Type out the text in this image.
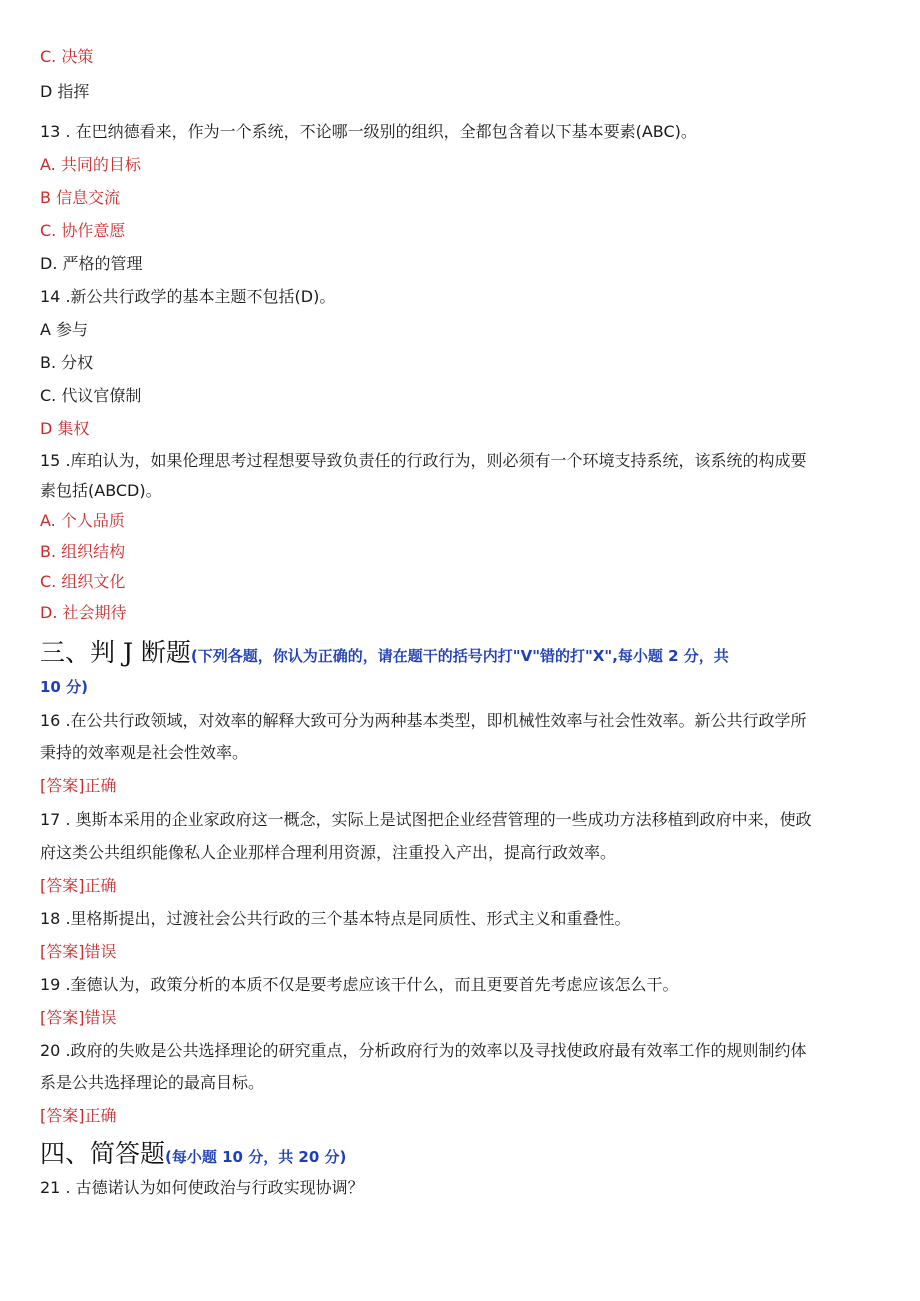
C. 决策
D 指挥
13 . 在巴纳德看来，作为一个系统，不论哪一级别的组织，全都包含着以下基本要素(ABC)。
A. 共同的目标
B 信息交流
C. 协作意愿
D. 严格的管理
14 .新公共行政学的基本主题不包括(D)。
A 参与
B. 分权
C. 代议官僚制
D 集权
15 .库珀认为，如果伦理思考过程想要导致负责任的行政行为，则必须有一个环境支持系统，该系统的构成要
素包括(ABCD)。
A. 个人品质
B. 组织结构
C. 组织文化
D. 社会期待
三、判 J 断题(下列各题，你认为正确的，请在题干的括号内打"V"错的打"X",每小题 2 分，共
10 分)
16 .在公共行政领域，对效率的解释大致可分为两种基本类型，即机械性效率与社会性效率。新公共行政学所
秉持的效率观是社会性效率。
[答案]正确
17 . 奥斯本采用的企业家政府这一概念，实际上是试图把企业经营管理的一些成功方法移植到政府中来，使政
府这类公共组织能像私人企业那样合理利用资源，注重投入产出，提高行政效率。
[答案]正确
18 .里格斯提出，过渡社会公共行政的三个基本特点是同质性、形式主义和重叠性。
[答案]错误
19 .奎德认为，政策分析的本质不仅是要考虑应该干什么，而且更要首先考虑应该怎么干。
[答案]错误
20 .政府的失败是公共选择理论的研究重点，分析政府行为的效率以及寻找使政府最有效率工作的规则制约体
系是公共选择理论的最高目标。
[答案]正确
四、简答题(每小题 10 分，共 20 分)
21 . 古德诺认为如何使政治与行政实现协调？
